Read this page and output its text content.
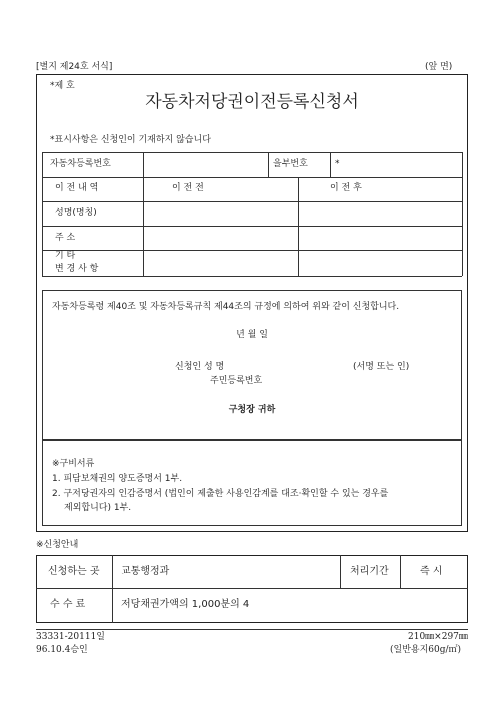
[별지 제24호 서식]	(앞 면)
*제 호
자동차저당권이전등록신청서
*표시사항은 신청인이 기재하지 않습니다
자동차등록번호	을부번호	*
이 전 내 역	이 전 전	이 전 후
성명(명칭)
주 소
기 타
변 경 사 항
자동차등록령 제40조 및 자동차등록규칙 제44조의 규정에 의하여 위와 같이 신청합니다.
년 월 일
신청인 성 명	(서명 또는 인)
주민등록번호
구청장 귀하
※구비서류
1. 피담보채권의 양도증명서 1부.
2. 구저당권자의 인감증명서 (법인이 제출한 사용인감계를 대조·확인할 수 있는 경우를
제외합니다) 1부.
※신청안내
신청하는 곳 교통행정과	처리기간	즉 시
수 수 료	저당채권가액의 1,000분의 4
33331-20111일
96.10.4승인
210㎜×297㎜
(일반용지60g/㎡)
